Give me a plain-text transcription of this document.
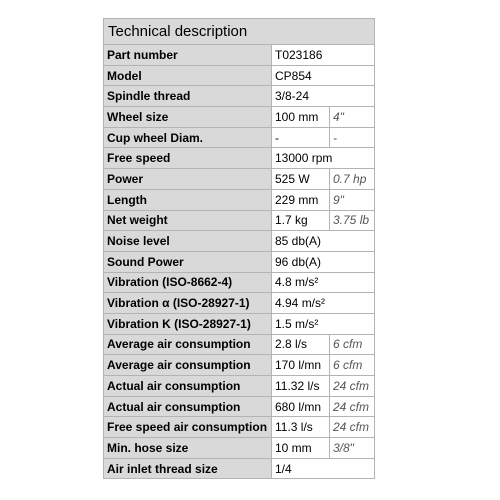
Technical description		
Part number	T023186	
Model	CP854	
Spindle thread	3/8-24	
Wheel size	100 mm	4"
Cup wheel Diam.	-	-
Free speed	13000 rpm	
Power	525 W	0.7 hp
Length	229 mm	9"
Net weight	1.7 kg	3.75 lb
Noise level	85 db(A)	
Sound Power	96 db(A)	
Vibration (ISO-8662-4)	4.8 m/s²	
Vibration α (ISO-28927-1)	4.94 m/s²	
Vibration K (ISO-28927-1)	1.5 m/s²	
Average air consumption	2.8 l/s	6 cfm
Average air consumption	170 l/mn	6 cfm
Actual air consumption	11.32 l/s	24 cfm
Actual air consumption	680 l/mn	24 cfm
Free speed air consumption	11.3 l/s	24 cfm
Min. hose size	10 mm	3/8"
Air inlet thread size	1/4	
